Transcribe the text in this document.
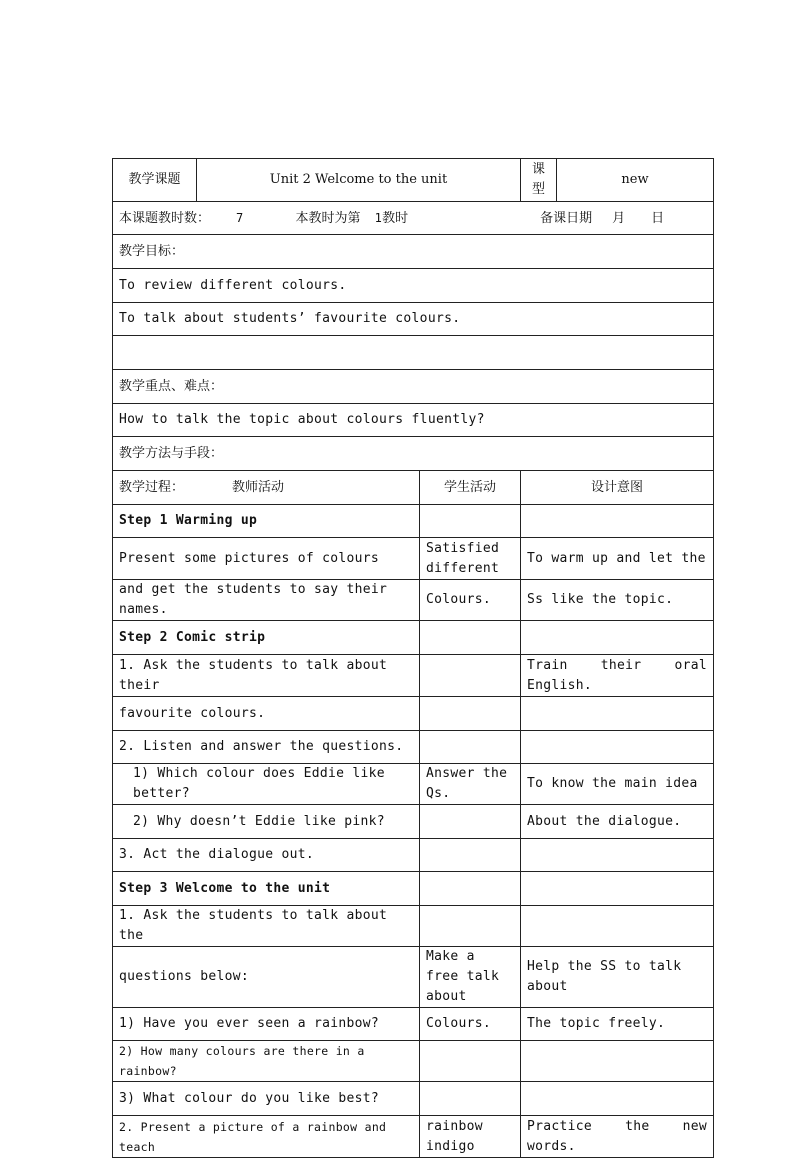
教学课题	Unit 2 Welcome to the unit		课型	new
本课题教时数： 7 本教时为第 1教时 备课日期 月 日				
教学目标：				
To review different colours.				
To talk about students’ favourite colours.				

教学重点、难点：				
How to talk the topic about colours fluently?				
教学方法与手段：				
教学过程： 教师活动		学生活动	设计意图	
Step 1 Warming up				
Present some pictures of colours		Satisfied different	To warm up and let the	
and get the students to say their names.		Colours.	Ss like the topic.	
Step 2 Comic strip				
1. Ask the students to talk about their			Train their oral English.	
favourite colours.				
2. Listen and answer the questions.				
1) Which colour does Eddie like better?		Answer the Qs.	To know the main idea	
2) Why doesn’t Eddie like pink?			About the dialogue.	
3. Act the dialogue out.				
Step 3 Welcome to the unit				
1. Ask the students to talk about the				
questions below:		Make a free talk about	Help the SS to talk about	
1) Have you ever seen a rainbow?		Colours.	The topic freely.	
2) How many colours are there in a rainbow?				
3) What colour do you like best?				
2. Present a picture of a rainbow and teach		rainbow indigo	Practice the new words.	
